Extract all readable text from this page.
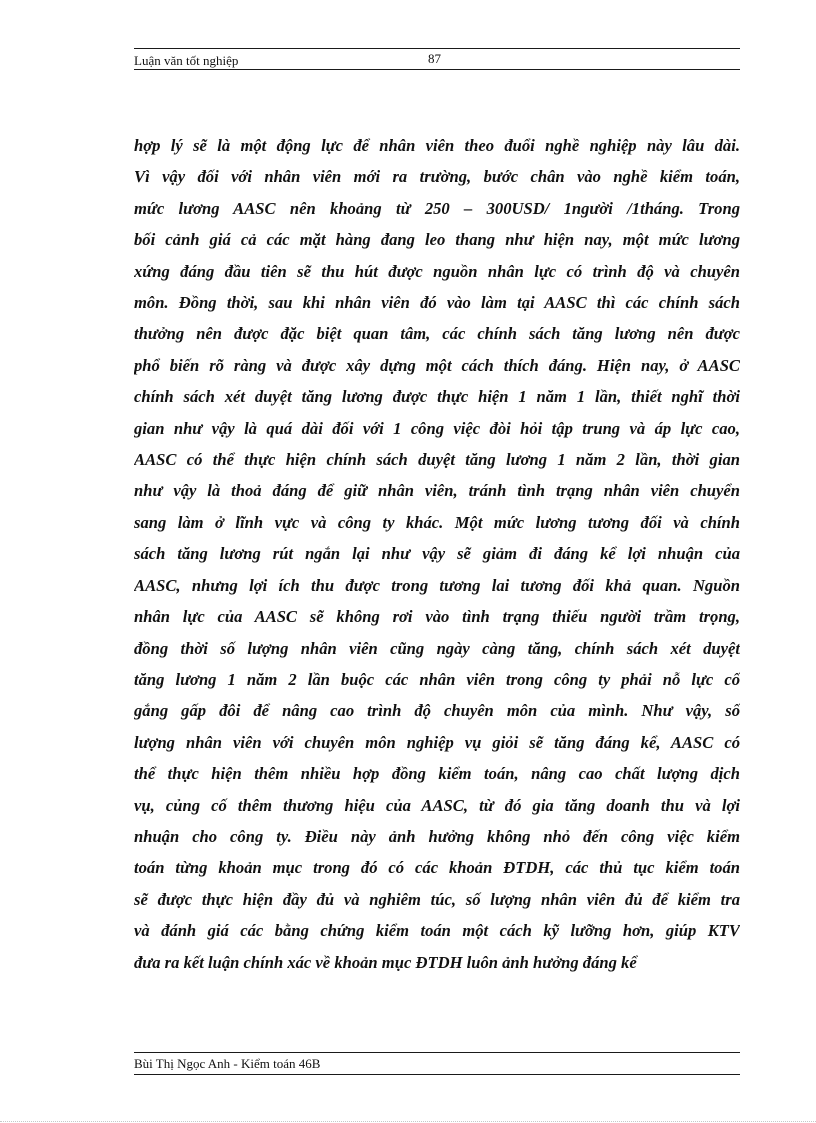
Luận văn tốt nghiệp	87
hợp lý sẽ là một động lực để nhân viên theo đuổi nghề nghiệp này lâu dài.
Vì vậy đối với nhân viên mới ra trường, bước chân vào nghề kiểm toán,
mức lương AASC nên khoảng từ 250 – 300USD/ 1người /1tháng. Trong
bối cảnh giá cả các mặt hàng đang leo thang như hiện nay, một mức lương
xứng đáng đầu tiên sẽ thu hút được nguồn nhân lực có trình độ và chuyên
môn. Đồng thời, sau khi nhân viên đó vào làm tại AASC thì các chính sách
thưởng nên được đặc biệt quan tâm, các chính sách tăng lương nên được
phổ biến rõ ràng và được xây dựng một cách thích đáng. Hiện nay, ở AASC
chính sách xét duyệt tăng lương được thực hiện 1 năm 1 lần, thiết nghĩ thời
gian như vậy là quá dài đối với 1 công việc đòi hỏi tập trung và áp lực cao,
AASC có thể thực hiện chính sách duyệt tăng lương 1 năm 2 lần, thời gian
như vậy là thoả đáng để giữ nhân viên, tránh tình trạng nhân viên chuyển
sang làm ở lĩnh vực và công ty khác. Một mức lương tương đối và chính
sách tăng lương rút ngắn lại như vậy sẽ giảm đi đáng kể lợi nhuận của
AASC, nhưng lợi ích thu được trong tương lai tương đối khả quan. Nguồn
nhân lực của AASC sẽ không rơi vào tình trạng thiếu người trầm trọng,
đồng thời số lượng nhân viên cũng ngày càng tăng, chính sách xét duyệt
tăng lương 1 năm 2 lần buộc các nhân viên trong công ty phải nỗ lực cố
gắng gấp đôi để nâng cao trình độ chuyên môn của mình. Như vậy, số
lượng nhân viên với chuyên môn nghiệp vụ giỏi sẽ tăng đáng kể, AASC có
thể thực hiện thêm nhiều hợp đồng kiểm toán, nâng cao chất lượng dịch
vụ, củng cố thêm thương hiệu của AASC, từ đó gia tăng doanh thu và lợi
nhuận cho công ty. Điều này ảnh hưởng không nhỏ đến công việc kiểm
toán từng khoản mục trong đó có các khoản ĐTDH, các thủ tục kiểm toán
sẽ được thực hiện đầy đủ và nghiêm túc, số lượng nhân viên đủ để kiểm tra
và đánh giá các bằng chứng kiểm toán một cách kỹ lưỡng hơn, giúp KTV
đưa ra kết luận chính xác về khoản mục ĐTDH luôn ảnh hưởng đáng kể
Bùi Thị Ngọc Anh - Kiểm toán 46B
